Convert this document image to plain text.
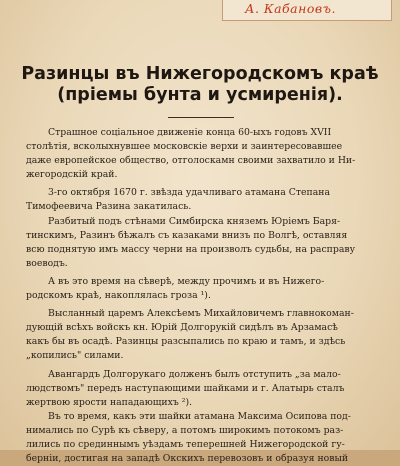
А. Кабановъ.
Разинцы въ Нижегородскомъ краѣ
(пріемы бунта и усмиренія).
Страшное соціальное движеніе конца 60-ыхъ годовъ XVII
столѣтія, всколыхнувшее московскіе верхи и заинтересовавшее
даже европейское общество, отголоскамн своими захватило и Ни-
жегородскій край.
3-го октября 1670 г. звѣзда удачливаго атамана Степана
Тимофеевича Разина закатилась.
Разбитый подъ стѣнами Симбирска княземъ Юріемъ Баря-
тинскимъ, Разинъ бѣжалъ съ казаками внизъ по Волгѣ, оставляя
всю поднятую имъ массу черни на произволъ судьбы, на расправу
воеводъ.
А въ это время на сѣверѣ, между прочимъ и въ Нижего-
родскомъ краѣ, накоплялась гроза ¹).
Высланный царемъ Алексѣемъ Михайловичемъ главнокоман-
дующій всѣхъ войскъ кн. Юрій Долгорукій сидѣлъ въ Арзамасѣ
какъ бы въ осадѣ. Разинцы разсыпались по краю и тамъ, и здѣсь
„копились" силами.
Авангардъ Долгорукаго долженъ былъ отступить „за мало-
людствомъ" передъ наступающими шайками и г. Алатырь сталъ
жертвою ярости нападающихъ ²).
Въ то время, какъ эти шайки атамана Максима Осипова под-
нимались по Сурѣ къ сѣверу, а потомъ широкимъ потокомъ раз-
лились по срединнымъ уѣздамъ теперешней Нижегородской гу-
берніи, достигая на западѣ Окскихъ перевозовъ и образуя новый
